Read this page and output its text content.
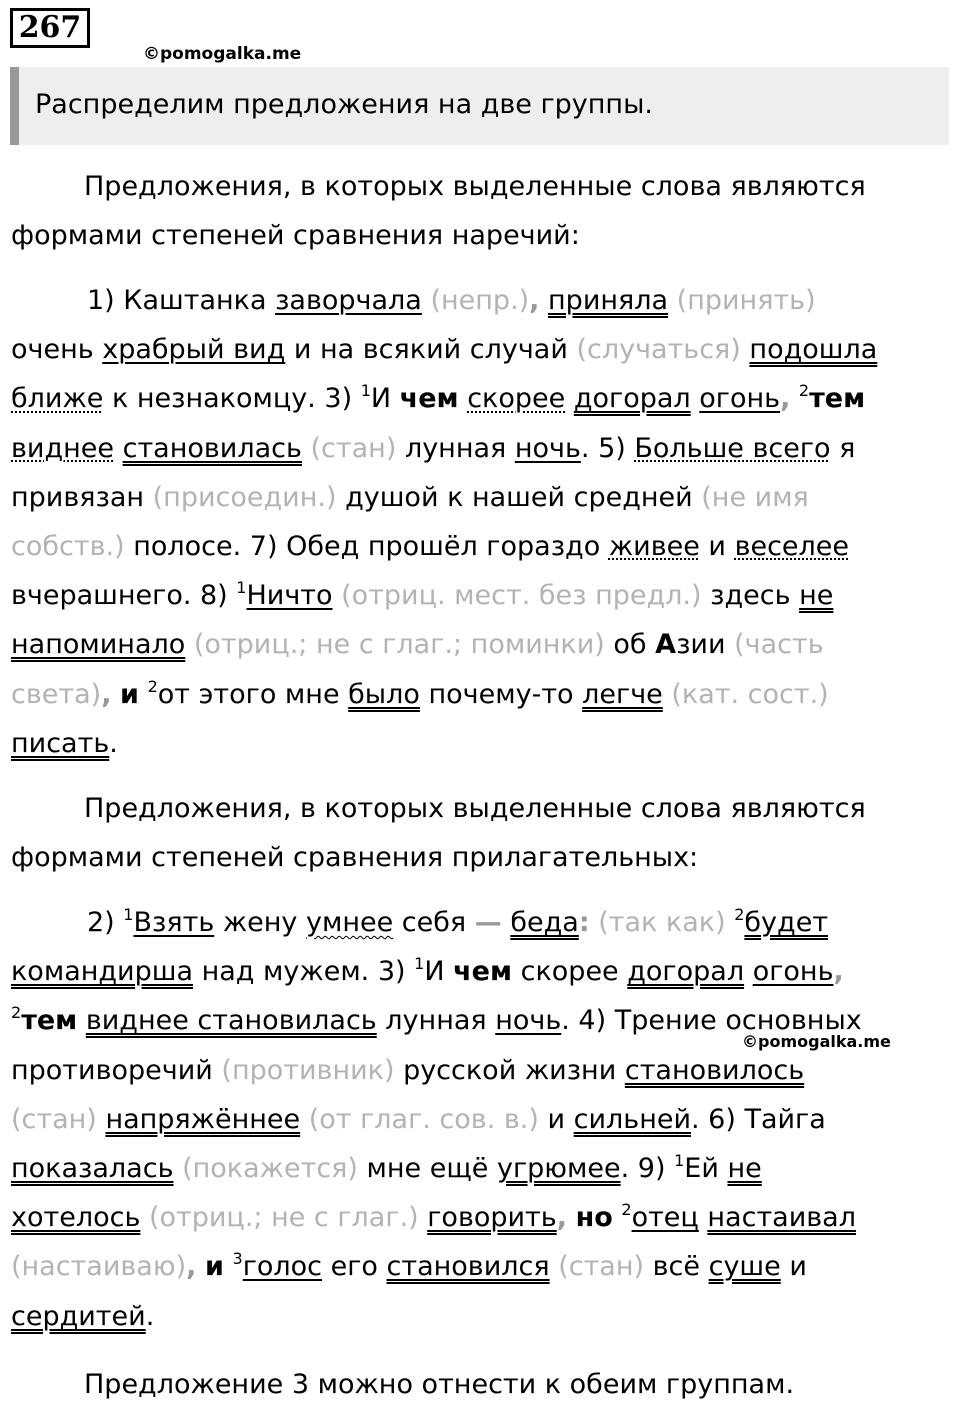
267
©pomogalka.me
Распределим предложения на две группы.
Предложения, в которых выделенные слова являются
формами степеней сравнения наречий:
1) Каштанка заворчала (непр.), приняла (принять)
очень храбрый вид и на всякий случай (случаться) подошла
ближе к незнакомцу. 3) $^1$И чем скорее догорал огонь, $^2$тем
виднее становилась (стан) лунная ночь. 5) Больше всего я
привязан (присоедин.) душой к нашей средней (не имя
собств.) полосе. 7) Обед прошёл гораздо живее и веселее
вчерашнего. 8) $^1$Ничто (отриц. мест. без предл.) здесь не
напоминало (отриц.; не с глаг.; поминки) об Азии (часть
света), и $^2$от этого мне было почему-то легче (кат. сост.)
писать.
Предложения, в которых выделенные слова являются
формами степеней сравнения прилагательных:
2) $^1$Взять жену умнее себя — беда: (так как) $^2$будет
командирша над мужем. 3) $^1$И чем скорее догорал огонь,
$^2$тем виднее становилась лунная ночь. 4) Трение основных
противоречий (противник) русской жизни становилось
(стан) напряжённее (от глаг. сов. в.) и сильней. 6) Тайга
показалась (покажется) мне ещё угрюмее. 9) $^1$Ей не
хотелось (отриц.; не с глаг.) говорить, но $^2$отец настаивал
(настаиваю), и $^3$голос его становился (стан) всё суше и
сердитей.
©pomogalka.me
Предложение 3 можно отнести к обеим группам.
